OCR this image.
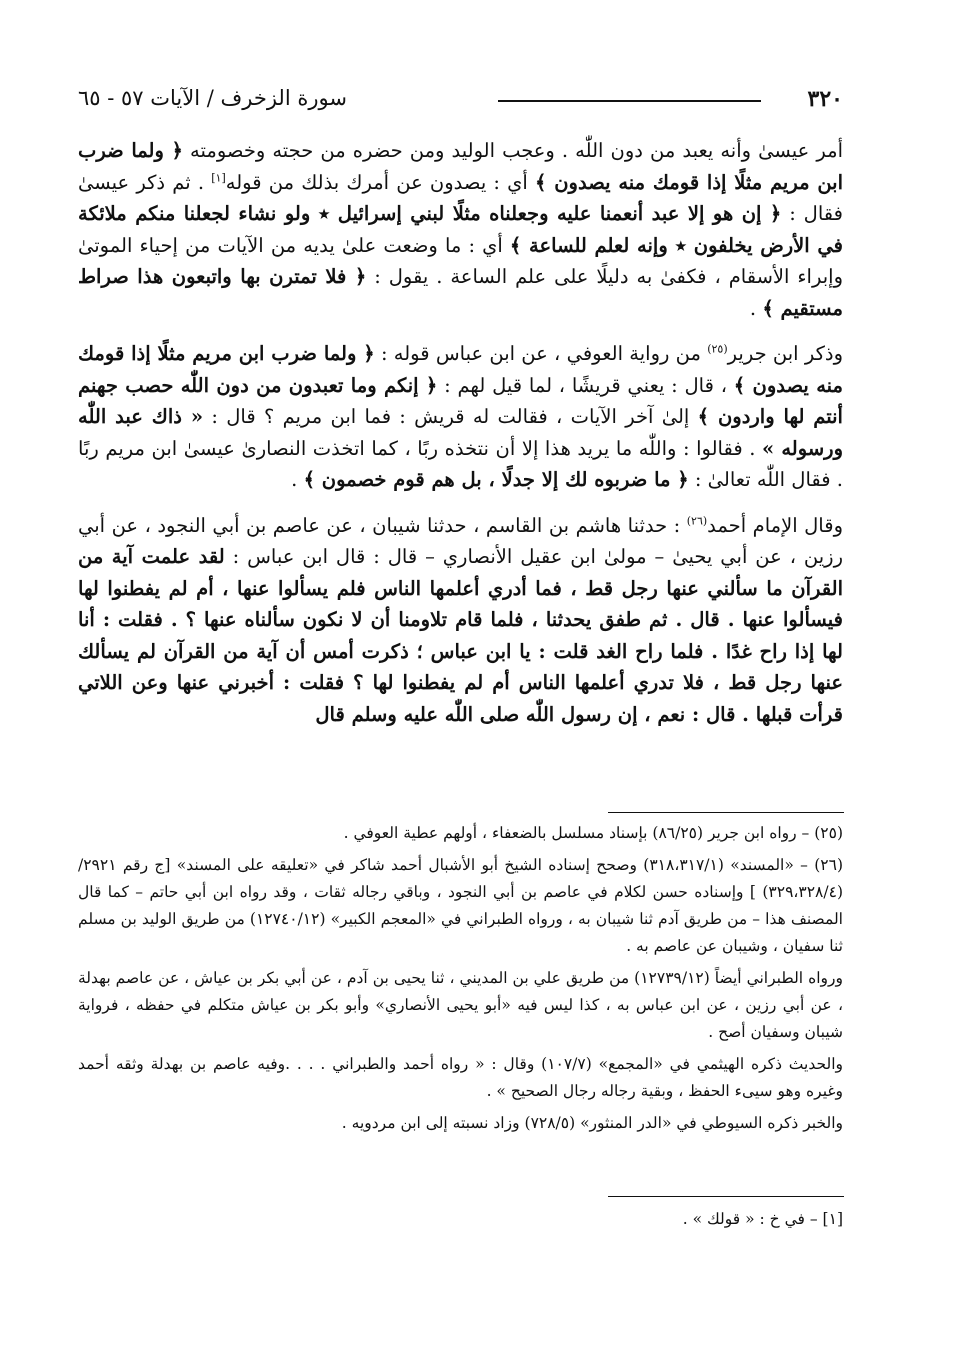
٣٢٠
سورة الزخرف / الآيات ٥٧ - ٦٥

أمر عيسىٰ وأنه يعبد من دون اللّٰه . وعجب الوليد ومن حضره من حجته وخصومته ﴿ ولما ضرب ابن مريم مثلًا إذا قومك منه يصدون ﴾ أي : يصدون عن أمرك بذلك من قوله[١] . ثم ذكر عيسىٰ فقال : ﴿ إن هو إلا عبد أنعمنا عليه وجعلناه مثلًا لبني إسرائيل ٭ ولو نشاء لجعلنا منكم ملائكة في الأرض يخلفون ٭ وإنه لعلم للساعة ﴾ أي : ما وضعت علىٰ يديه من الآيات من إحياء الموتىٰ وإبراء الأسقام ، فكفىٰ به دليلًا على علم الساعة . يقول : ﴿ فلا تمترن بها واتبعون هذا صراط مستقيم ﴾ .

وذكر ابن جرير$^{(٢٥)}$ من رواية العوفي ، عن ابن عباس قوله : ﴿ ولما ضرب ابن مريم مثلًا إذا قومك منه يصدون ﴾ ، قال : يعني قريشًا ، لما قيل لهم : ﴿ إنكم وما تعبدون من دون اللّٰه حصب جهنم أنتم لها واردون ﴾ إلىٰ آخر الآيات ، فقالت له قريش : فما ابن مريم ؟ قال : « ذاك عبد اللّٰه ورسوله » . فقالوا : واللّٰه ما يريد هذا إلا أن نتخذه ربًا ، كما اتخذت النصارىٰ عيسىٰ ابن مريم ربًا . فقال اللّٰه تعالىٰ : ﴿ ما ضربوه لك إلا جدلًا ، بل هم قوم خصمون ﴾ .

وقال الإمام أحمد$^{(٢٦)}$ : حدثنا هاشم بن القاسم ، حدثنا شيبان ، عن عاصم بن أبي النجود ، عن أبي رزين ، عن أبي يحيىٰ – مولىٰ ابن عقيل الأنصاري – قال : قال ابن عباس : لقد علمت آية من القرآن ما سألني عنها رجل قط ، فما أدري أعلمها الناس فلم يسألوا عنها ، أم لم يفطنوا لها فيسألوا عنها . قال . ثم طفق يحدثنا ، فلما قام تلاومنا أن لا نكون سألناه عنها ؟ . فقلت : أنا لها إذا راح غدًا . فلما راح الغد قلت : يا ابن عباس ؛ ذكرت أمس أن آية من القرآن لم يسألك عنها رجل قط ، فلا تدري أعلمها الناس أم لم يفطنوا لها ؟ فقلت : أخبرني عنها وعن اللاتي قرأت قبلها . قال : نعم ، إن رسول اللّٰه صلى اللّٰه عليه وسلم قال

(٢٥) – رواه ابن جرير (٨٦/٢٥) بإسناد مسلسل بالضعفاء ، أولهم عطية العوفي .

(٢٦) – «المسند» (٣١٨،٣١٧/١) وصحح إسناده الشيخ أبو الأشبال أحمد شاكر في «تعليقه على المسند» [ج رقم ٢٩٢١/ (٣٢٩،٣٢٨/٤) ] وإسناده حسن لكلام في عاصم بن أبي النجود ، وباقي رجاله ثقات ، وقد رواه ابن أبي حاتم – كما قال المصنف هذا – من طريق آدم ثنا شيبان به ، ورواه الطبراني في «المعجم الكبير» (١٢٧٤٠/١٢) من طريق الوليد بن مسلم ثنا سفيان ، وشيبان عن عاصم به .

ورواه الطبراني أيضاً (١٢٧٣٩/١٢) من طريق علي بن المديني ، ثنا يحيى بن آدم ، عن أبي بكر بن عياش ، عن عاصم بهدلة ، عن أبي رزين ، عن ابن عباس به ، كذا ليس فيه «أبو يحيى الأنصاري» وأبو بكر بن عياش متكلم في حفظه ، فرواية شيبان وسفيان أصح .

والحديث ذكره الهيثمي في «المجمع» (١٠٧/٧) وقال : « رواه أحمد والطبراني . . . .وفيه عاصم بن بهدلة وثقه أحمد وغيره وهو سيىء الحفظ ، وبقية رجاله رجال الصحيح » .

والخبر ذكره السيوطي في «الدر المنثور» (٧٢٨/٥) وزاد نسبته إلى ابن مردويه .

[١] – في خ : « قولك » .
